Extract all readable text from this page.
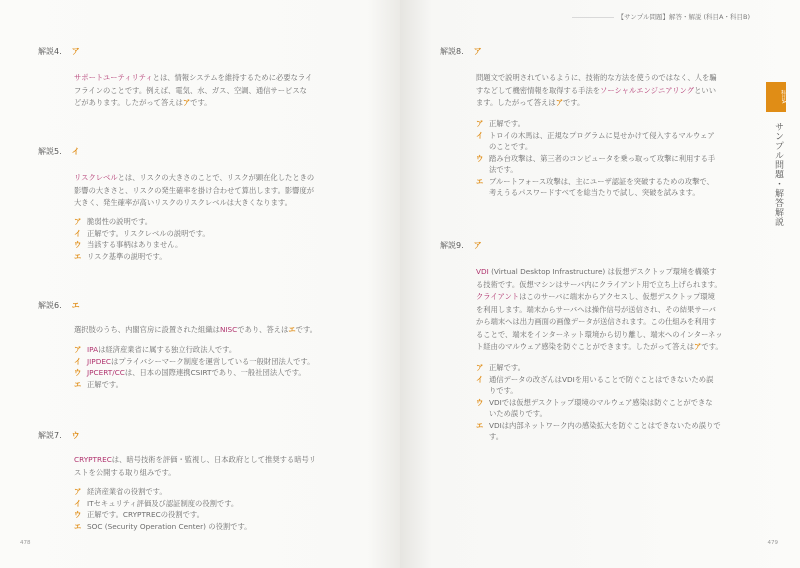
解説4. ア
サポートユーティリティとは、情報システムを維持するために必要なライ
フラインのことです。例えば、電気、水、ガス、空調、通信サービスな
どがあります。したがって答えはアです。
解説5. イ
リスクレベルとは、リスクの大きさのことで、リスクが顕在化したときの
影響の大きさと、リスクの発生確率を掛け合わせて算出します。影響度が
大きく、発生確率が高いリスクのリスクレベルは大きくなります。
ア 脆弱性の説明です。
イ 正解です。リスクレベルの説明です。
ウ 当該する事柄はありません。
エ リスク基準の説明です。
解説6. エ
選択肢のうち、内閣官房に設置された組織はNISCであり、答えはエです。
ア IPAは経済産業省に属する独立行政法人です。
イ JIPDECはプライバシーマーク制度を運営している一般財団法人です。
ウ JPCERT/CCは、日本の国際連携CSIRTであり、一般社団法人です。
エ 正解です。
解説7. ウ
CRYPTRECは、暗号技術を評価・監視し、日本政府として推奨する暗号リ
ストを公開する取り組みです。
ア 経済産業省の役割です。
イ ITセキュリティ評価及び認証制度の役割です。
ウ 正解です。CRYPTRECの役割です。
エ SOC (Security Operation Center) の役割です。
478
【サンプル問題】解答・解説 (科目A・科目B)
科目A
サンプル問題・解答解説
解説8. ア
問題文で説明されているように、技術的な方法を使うのではなく、人を騙
すなどして機密情報を取得する手法をソーシャルエンジニアリングといい
ます。したがって答えはアです。
ア 正解です。
イ トロイの木馬は、正規なプログラムに見せかけて侵入するマルウェア
のことです。
ウ 踏み台攻撃は、第三者のコンピュータを乗っ取って攻撃に利用する手
法です。
エ ブルートフォース攻撃は、主にユーザ認証を突破するための攻撃で、
考えうるパスワードすべてを総当たりで試し、突破を試みます。
解説9. ア
VDI (Virtual Desktop Infrastructure) は仮想デスクトップ環境を構築す
る技術です。仮想マシンはサーバ内にクライアント用で立ち上げられます。
クライアントはこのサーバに端末からアクセスし、仮想デスクトップ環境
を利用します。端末からサーバへは操作信号が送信され、その結果サーバ
から端末へは出力画面の画像データが送信されます。この仕組みを利用す
ることで、端末をインターネット環境から切り離し、端末へのインターネッ
ト経由のマルウェア感染を防ぐことができます。したがって答えはアです。
ア 正解です。
イ 通信データの改ざんはVDIを用いることで防ぐことはできないため誤
りです。
ウ VDIでは仮想デスクトップ環境のマルウェア感染は防ぐことができな
いため誤りです。
エ VDIは内部ネットワーク内の感染拡大を防ぐことはできないため誤りで
す。
479
